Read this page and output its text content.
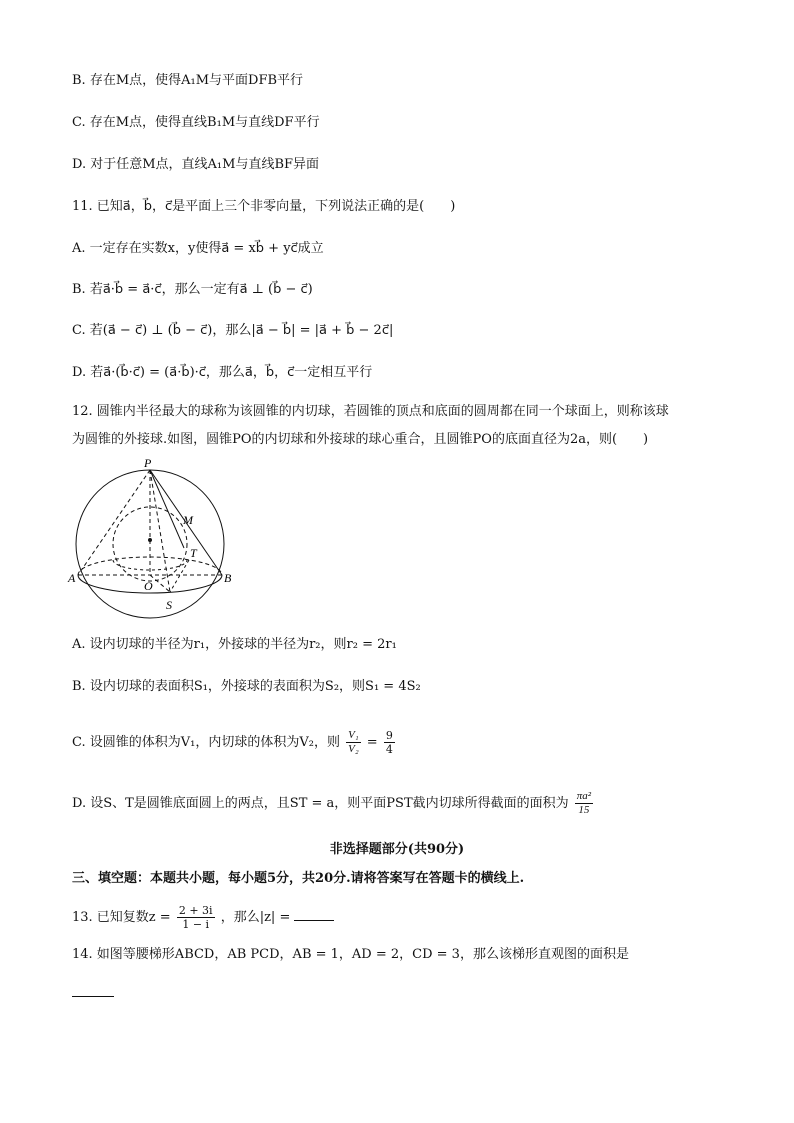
B. 存在M点，使得A₁M与平面DFB平行
C. 存在M点，使得直线B₁M与直线DF平行
D. 对于任意M点，直线A₁M与直线BF异面
11. 已知a⃗，b⃗，c⃗是平面上三个非零向量，下列说法正确的是(　　)
A. 一定存在实数x，y使得a⃗ = xb⃗ + yc⃗成立
B. 若a⃗·b⃗ = a⃗·c⃗，那么一定有a⃗ ⊥ (b⃗ − c⃗)
C. 若(a⃗ − c⃗) ⊥ (b⃗ − c⃗)，那么|a⃗ − b⃗| = |a⃗ + b⃗ − 2c⃗|
D. 若a⃗·(b⃗·c⃗) = (a⃗·b⃗)·c⃗，那么a⃗，b⃗，c⃗一定相互平行
12. 圆锥内半径最大的球称为该圆锥的内切球，若圆锥的顶点和底面的圆周都在同一个球面上，则称该球
为圆锥的外接球.如图，圆锥PO的内切球和外接球的球心重合，且圆锥PO的底面直径为2a，则(　　)
P
M
T
A
O
B
S
A. 设内切球的半径为r₁，外接球的半径为r₂，则r₂ = 2r₁
B. 设内切球的表面积S₁，外接球的表面积为S₂，则S₁ = 4S₂
C. 设圆锥的体积为V₁，内切球的体积为V₂，则 $\frac{\text{V₁}}{\text{V₂}} = \frac{9}{4}$
D. 设S、T是圆锥底面圆上的两点，且ST = a，则平面PST截内切球所得截面的面积为 $\frac{\text{πa²}}{15}$
非选择题部分(共90分)
三、填空题：本题共小题，每小题5分，共20分.请将答案写在答题卡的横线上.
13. 已知复数$z = \frac{2 + 3i}{1 - i}$ ，那么|z| =
14. 如图等腰梯形ABCD，AB PCD，AB = 1，AD = 2，CD = 3，那么该梯形直观图的面积是
